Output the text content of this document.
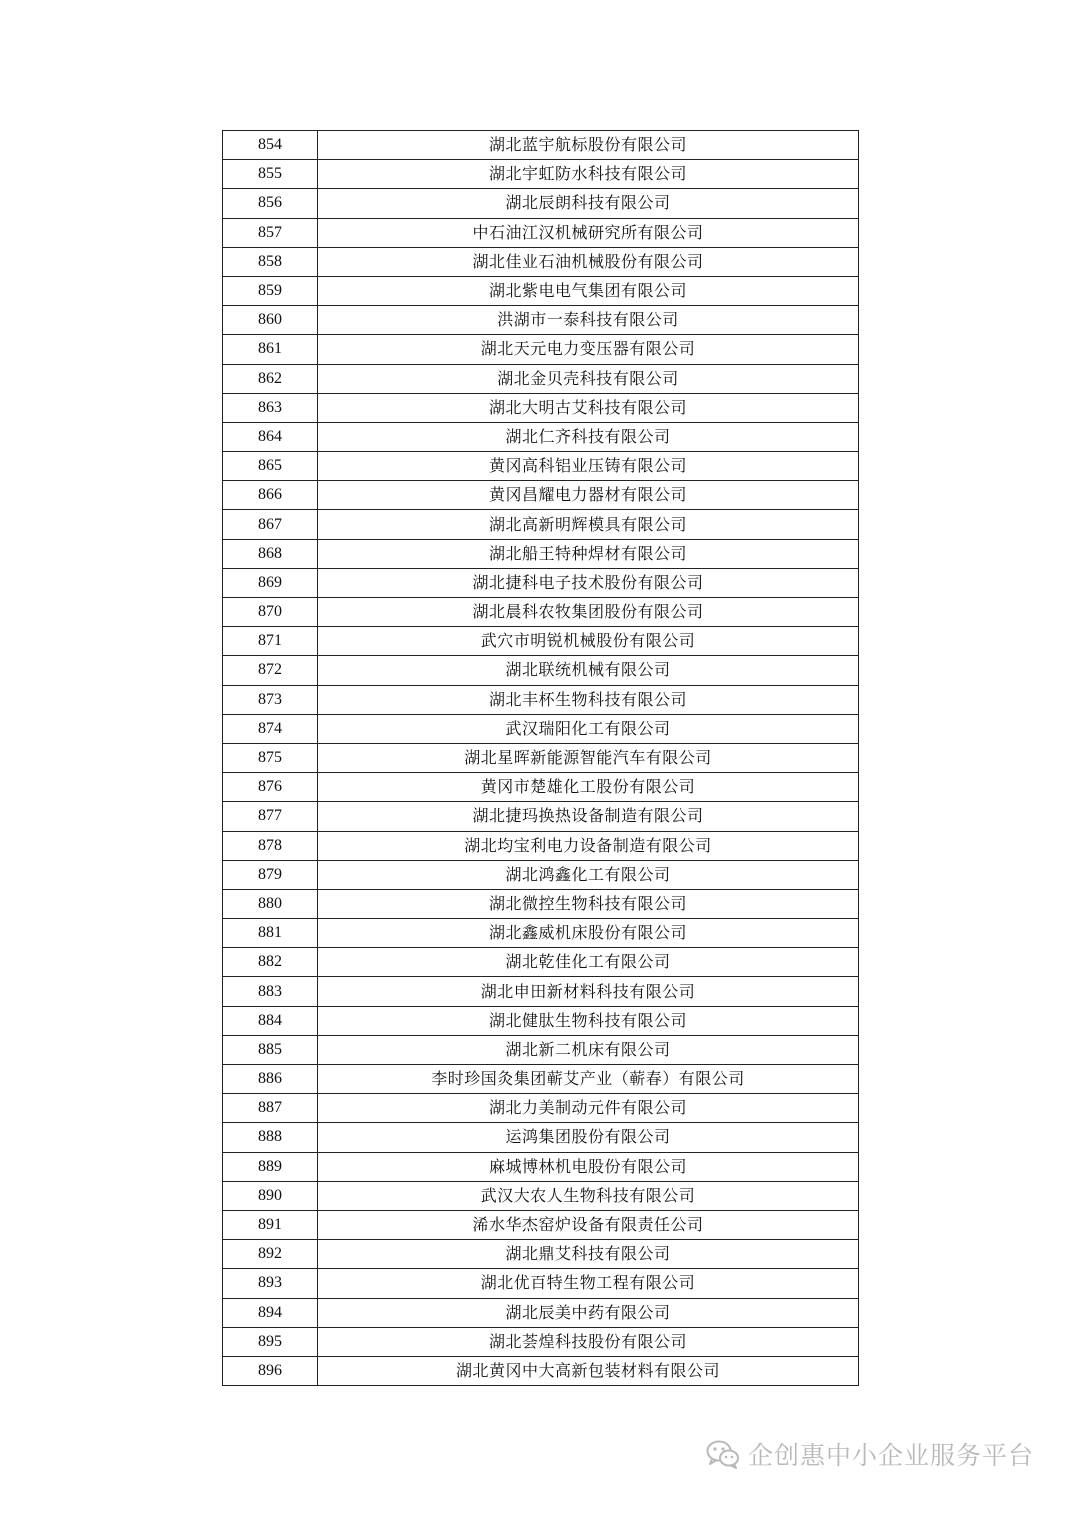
854	湖北蓝宇航标股份有限公司
855	湖北宇虹防水科技有限公司
856	湖北辰朗科技有限公司
857	中石油江汉机械研究所有限公司
858	湖北佳业石油机械股份有限公司
859	湖北紫电电气集团有限公司
860	洪湖市一泰科技有限公司
861	湖北天元电力变压器有限公司
862	湖北金贝壳科技有限公司
863	湖北大明古艾科技有限公司
864	湖北仁齐科技有限公司
865	黄冈高科铝业压铸有限公司
866	黄冈昌耀电力器材有限公司
867	湖北高新明辉模具有限公司
868	湖北船王特种焊材有限公司
869	湖北捷科电子技术股份有限公司
870	湖北晨科农牧集团股份有限公司
871	武穴市明锐机械股份有限公司
872	湖北联统机械有限公司
873	湖北丰杯生物科技有限公司
874	武汉瑞阳化工有限公司
875	湖北星晖新能源智能汽车有限公司
876	黄冈市楚雄化工股份有限公司
877	湖北捷玛换热设备制造有限公司
878	湖北均宝利电力设备制造有限公司
879	湖北鸿鑫化工有限公司
880	湖北微控生物科技有限公司
881	湖北鑫威机床股份有限公司
882	湖北乾佳化工有限公司
883	湖北申田新材料科技有限公司
884	湖北健肽生物科技有限公司
885	湖北新二机床有限公司
886	李时珍国灸集团蕲艾产业（蕲春）有限公司
887	湖北力美制动元件有限公司
888	运鸿集团股份有限公司
889	麻城博林机电股份有限公司
890	武汉大农人生物科技有限公司
891	浠水华杰窑炉设备有限责任公司
892	湖北鼎艾科技有限公司
893	湖北优百特生物工程有限公司
894	湖北辰美中药有限公司
895	湖北荟煌科技股份有限公司
896	湖北黄冈中大高新包装材料有限公司
企创惠中小企业服务平台
